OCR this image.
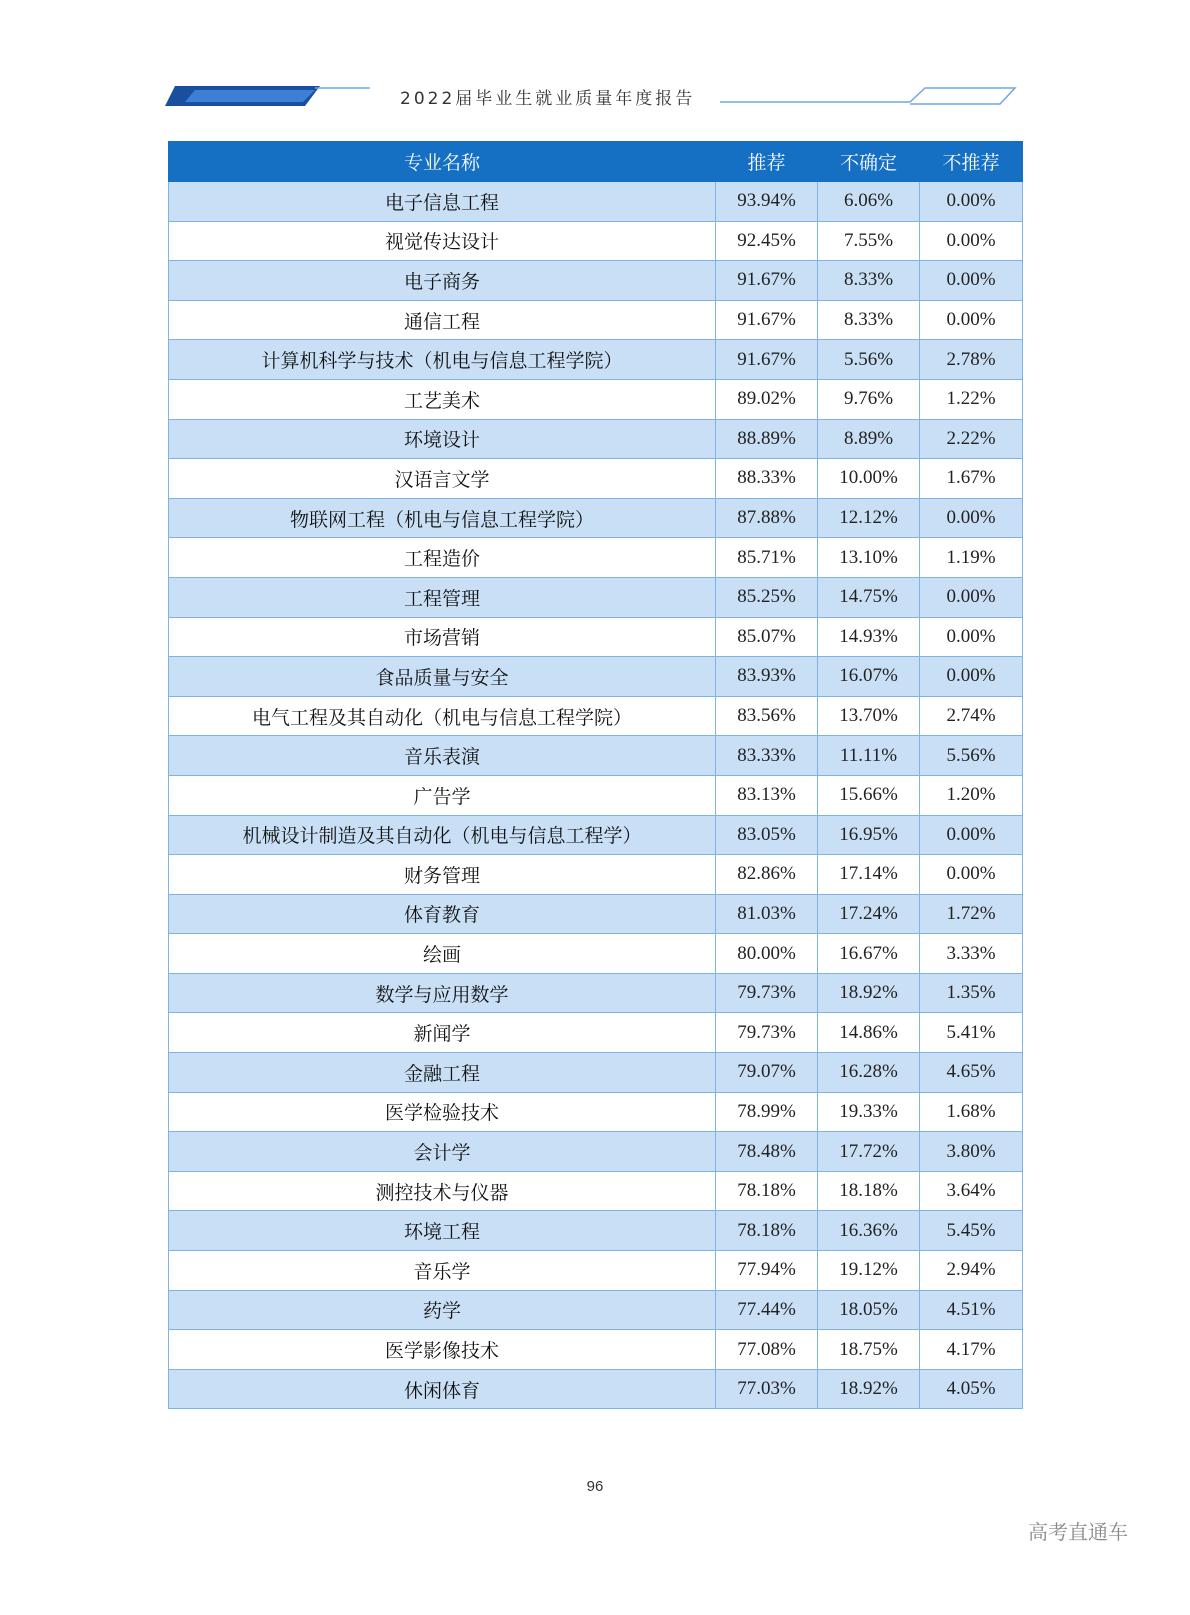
2022届毕业生就业质量年度报告
专业名称	推荐	不确定	不推荐
电子信息工程	93.94%	6.06%	0.00%
视觉传达设计	92.45%	7.55%	0.00%
电子商务	91.67%	8.33%	0.00%
通信工程	91.67%	8.33%	0.00%
计算机科学与技术（机电与信息工程学院）	91.67%	5.56%	2.78%
工艺美术	89.02%	9.76%	1.22%
环境设计	88.89%	8.89%	2.22%
汉语言文学	88.33%	10.00%	1.67%
物联网工程（机电与信息工程学院）	87.88%	12.12%	0.00%
工程造价	85.71%	13.10%	1.19%
工程管理	85.25%	14.75%	0.00%
市场营销	85.07%	14.93%	0.00%
食品质量与安全	83.93%	16.07%	0.00%
电气工程及其自动化（机电与信息工程学院）	83.56%	13.70%	2.74%
音乐表演	83.33%	11.11%	5.56%
广告学	83.13%	15.66%	1.20%
机械设计制造及其自动化（机电与信息工程学）	83.05%	16.95%	0.00%
财务管理	82.86%	17.14%	0.00%
体育教育	81.03%	17.24%	1.72%
绘画	80.00%	16.67%	3.33%
数学与应用数学	79.73%	18.92%	1.35%
新闻学	79.73%	14.86%	5.41%
金融工程	79.07%	16.28%	4.65%
医学检验技术	78.99%	19.33%	1.68%
会计学	78.48%	17.72%	3.80%
测控技术与仪器	78.18%	18.18%	3.64%
环境工程	78.18%	16.36%	5.45%
音乐学	77.94%	19.12%	2.94%
药学	77.44%	18.05%	4.51%
医学影像技术	77.08%	18.75%	4.17%
休闲体育	77.03%	18.92%	4.05%
96
高考直通车
